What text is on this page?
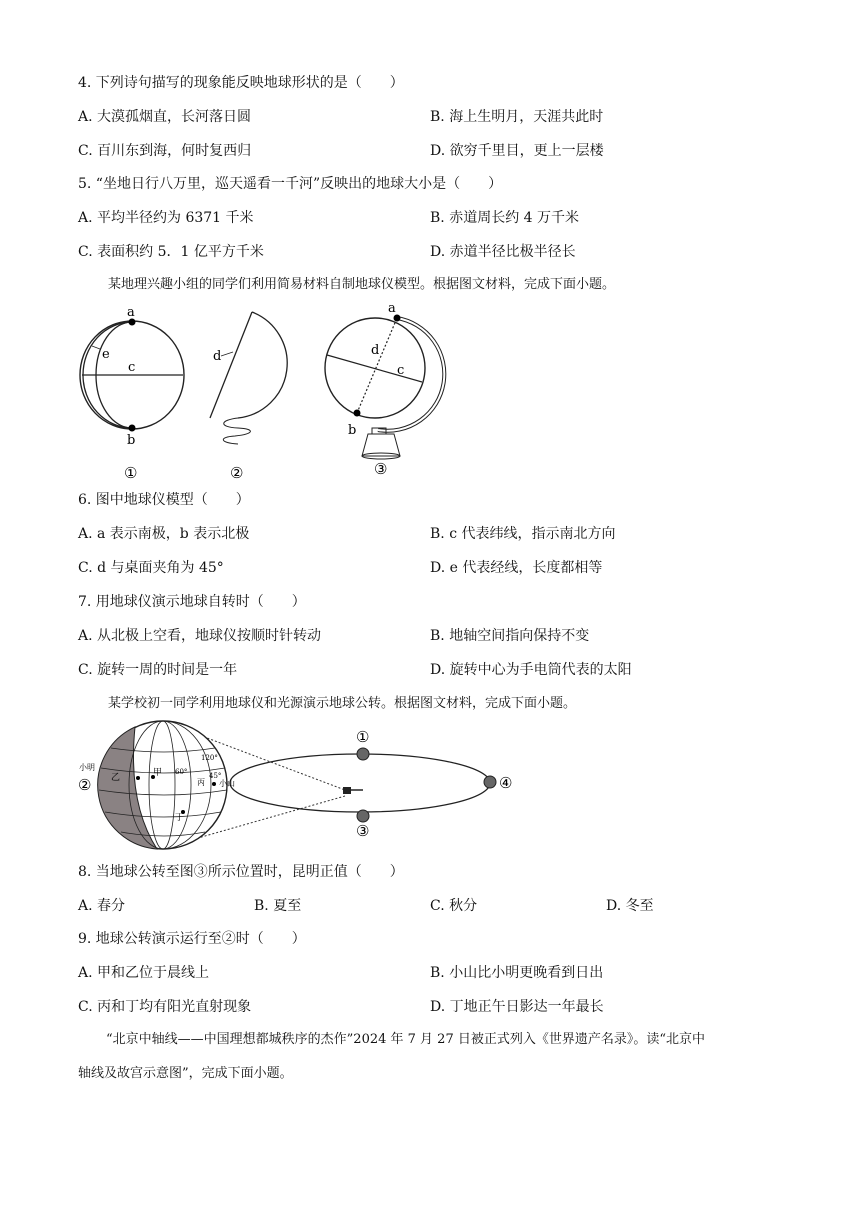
4. 下列诗句描写的现象能反映地球形状的是（　　）
A. 大漠孤烟直，长河落日圆	B. 海上生明月，天涯共此时
C. 百川东到海，何时复西归	D. 欲穷千里目，更上一层楼
5. “坐地日行八万里，巡天遥看一千河”反映出的地球大小是（　　）
A. 平均半径约为 6371 千米	B. 赤道周长约 4 万千米
C. 表面积约 5．1 亿平方千米	D. 赤道半径比极半径长
某地理兴趣小组的同学们利用简易材料自制地球仪模型。根据图文材料，完成下面小题。
a
b
c
e
①
d
②
a
b
d
c
③
6. 图中地球仪模型（　　）
A. a 表示南极，b 表示北极	B. c 代表纬线，指示南北方向
C. d 与桌面夹角为 45°	D. e 代表经线，长度都相等
7. 用地球仪演示地球自转时（　　）
A. 从北极上空看，地球仪按顺时针转动	B. 地轴空间指向保持不变
C. 旋转一周的时间是一年	D. 旋转中心为手电筒代表的太阳
某学校初一同学利用地球仪和光源演示地球公转。根据图文材料，完成下面小题。
①
②
③
④
小明
甲
乙	丙
丁
小山
120°
60°	45°
8. 当地球公转至图③所示位置时，昆明正值（　　）
A. 春分	B. 夏至	C. 秋分	D. 冬至
9. 地球公转演示运行至②时（　　）
A. 甲和乙位于晨线上	B. 小山比小明更晚看到日出
C. 丙和丁均有阳光直射现象	D. 丁地正午日影达一年最长
“北京中轴线——中国理想都城秩序的杰作”2024 年 7 月 27 日被正式列入《世界遗产名录》。读“北京中
轴线及故宫示意图”，完成下面小题。
